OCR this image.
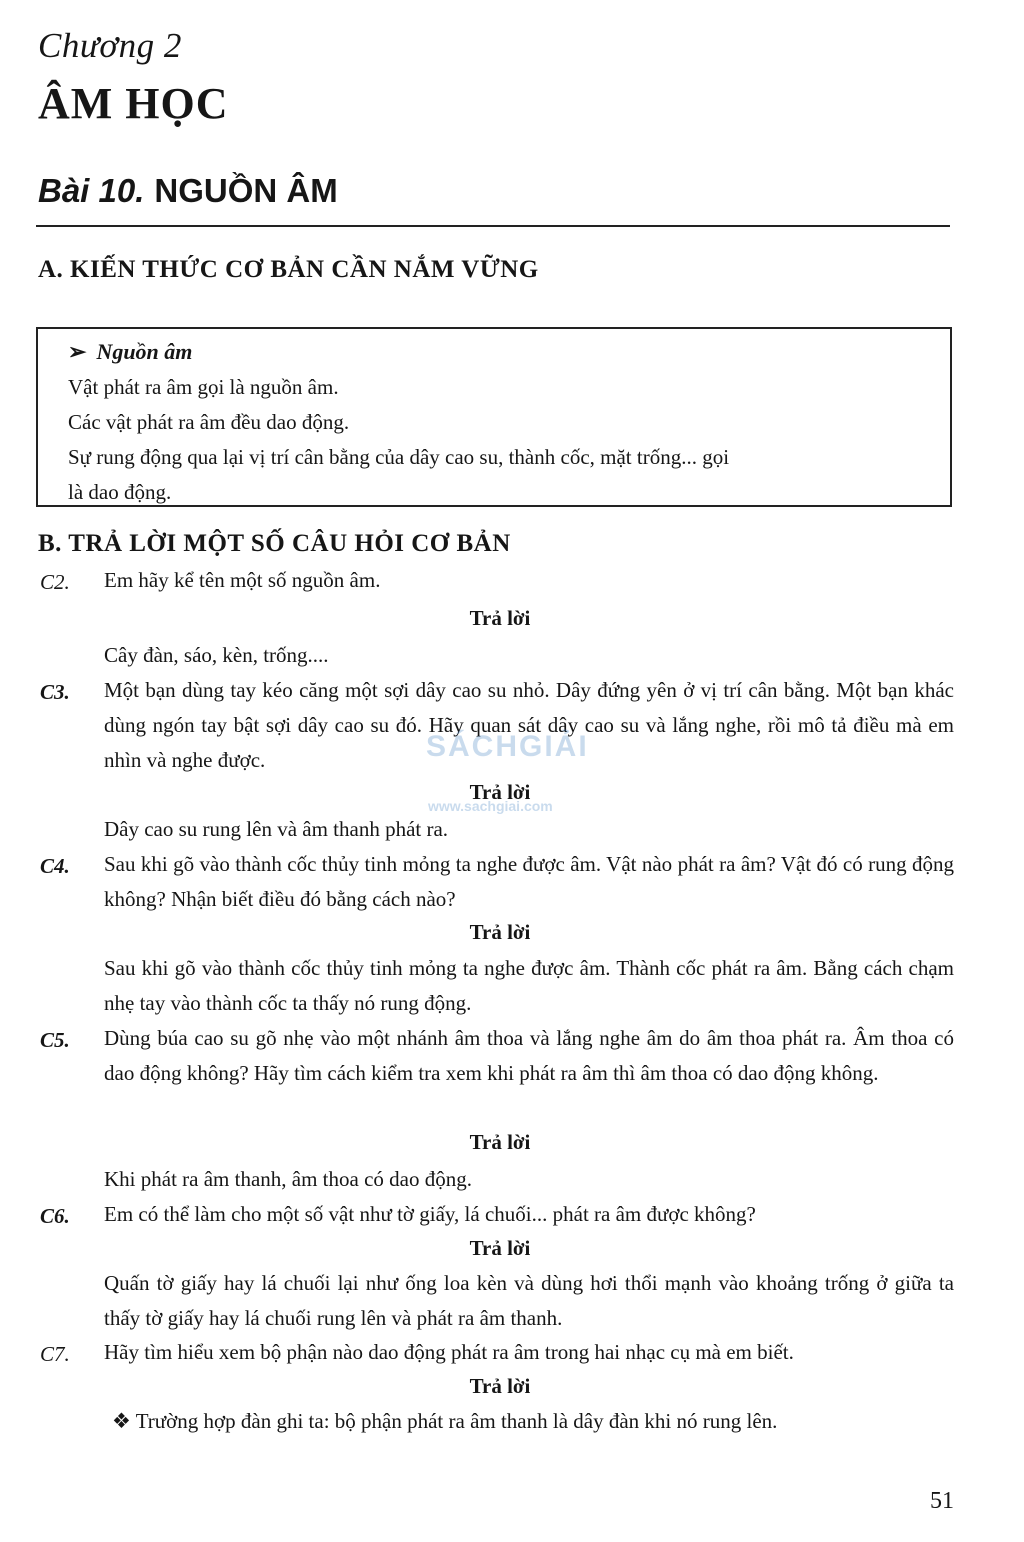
Chương 2
ÂM HỌC
Bài 10. NGUỒN ÂM
A. KIẾN THỨC CƠ BẢN CẦN NẮM VỮNG
➢ Nguồn âm
Vật phát ra âm gọi là nguồn âm.
Các vật phát ra âm đều dao động.
Sự rung động qua lại vị trí cân bằng của dây cao su, thành cốc, mặt trống... gọi
là dao động.
B. TRẢ LỜI MỘT SỐ CÂU HỎI CƠ BẢN
C2. Em hãy kể tên một số nguồn âm.
Trả lời
Cây đàn, sáo, kèn, trống....
C3. Một bạn dùng tay kéo căng một sợi dây cao su nhỏ. Dây đứng yên ở vị trí cân bằng. Một bạn khác dùng ngón tay bật sợi dây cao su đó. Hãy quan sát dây cao su và lắng nghe, rồi mô tả điều mà em nhìn và nghe được.
Trả lời
Dây cao su rung lên và âm thanh phát ra.
C4. Sau khi gõ vào thành cốc thủy tinh mỏng ta nghe được âm. Vật nào phát ra âm? Vật đó có rung động không? Nhận biết điều đó bằng cách nào?
Trả lời
Sau khi gõ vào thành cốc thủy tinh mỏng ta nghe được âm. Thành cốc phát ra âm. Bằng cách chạm nhẹ tay vào thành cốc ta thấy nó rung động.
C5. Dùng búa cao su gõ nhẹ vào một nhánh âm thoa và lắng nghe âm do âm thoa phát ra. Âm thoa có dao động không? Hãy tìm cách kiểm tra xem khi phát ra âm thì âm thoa có dao động không.
Trả lời
Khi phát ra âm thanh, âm thoa có dao động.
C6. Em có thể làm cho một số vật như tờ giấy, lá chuối... phát ra âm được không?
Trả lời
Quấn tờ giấy hay lá chuối lại như ống loa kèn và dùng hơi thổi mạnh vào khoảng trống ở giữa ta thấy tờ giấy hay lá chuối rung lên và phát ra âm thanh.
C7. Hãy tìm hiểu xem bộ phận nào dao động phát ra âm trong hai nhạc cụ mà em biết.
Trả lời
❖ Trường hợp đàn ghi ta: bộ phận phát ra âm thanh là dây đàn khi nó rung lên.
SÁCHGIẢI
www.sachgiai.com
51
